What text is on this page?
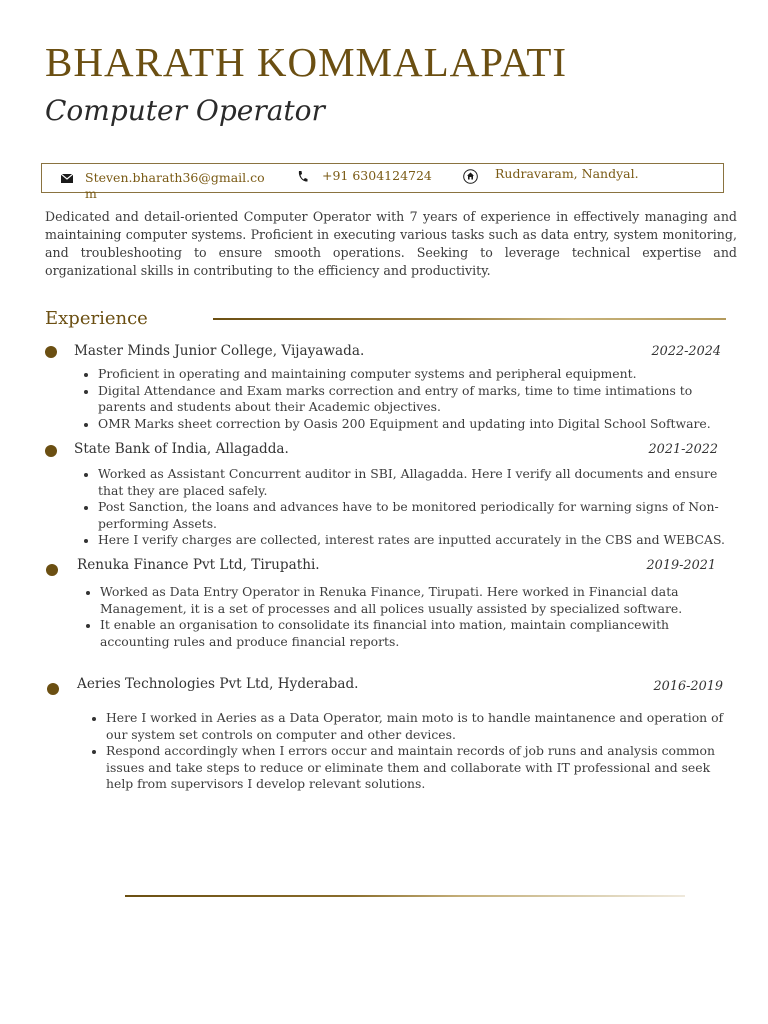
BHARATH KOMMALAPATI
Computer Operator
Steven.bharath36@gmail.com
+91 6304124724	Rudravaram, Nandyal.
Dedicated and detail-oriented Computer Operator with 7 years of experience in effectively managing and maintaining computer systems. Proficient in executing various tasks such as data entry, system monitoring, and troubleshooting to ensure smooth operations. Seeking to leverage technical expertise and organizational skills in contributing to the efficiency and productivity.
Experience
Master Minds Junior College, Vijayawada.	2022-2024
Proficient in operating and maintaining computer systems and peripheral equipment.
Digital Attendance and Exam marks correction and entry of marks, time to time intimations to parents and students about their Academic objectives.
OMR Marks sheet correction by Oasis 200 Equipment and updating into Digital School Software.
State Bank of India, Allagadda.	2021-2022
Worked as Assistant Concurrent auditor in SBI, Allagadda. Here I verify all documents and ensure that they are placed safely.
Post Sanction, the loans and advances have to be monitored periodically for warning signs of Non-performing Assets.
Here I verify charges are collected, interest rates are inputted accurately in the CBS and WEBCAS.
Renuka Finance Pvt Ltd, Tirupathi.	2019-2021
Worked as Data Entry Operator in Renuka Finance, Tirupati. Here worked in Financial data Management, it is a set of processes and all polices usually assisted by specialized software.
It enable an organisation to consolidate its financial into mation, maintain compliancewith accounting rules and produce financial reports.
Aeries Technologies Pvt Ltd, Hyderabad.	2016-2019
Here I worked in Aeries as a Data Operator, main moto is to handle maintanence and operation of our system set controls on computer and other devices.
Respond accordingly when I errors occur and maintain records of job runs and analysis common issues and take steps to reduce or eliminate them and collaborate with IT professional and seek help from supervisors I develop relevant solutions.
